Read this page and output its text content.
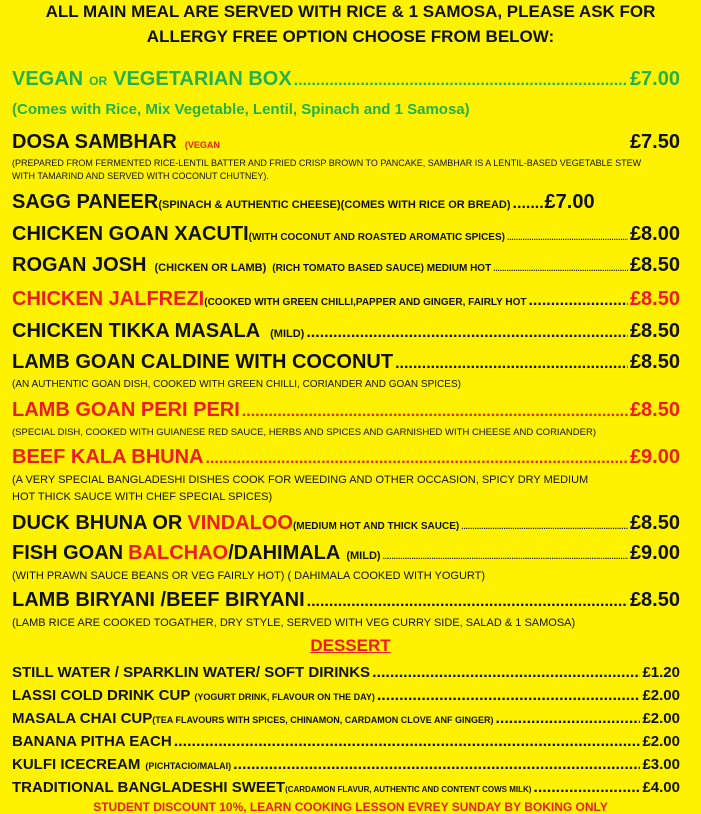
ALL MAIN MEAL ARE SERVED WITH RICE & 1 SAMOSA, PLEASE ASK FOR
ALLERGY FREE OPTION CHOOSE FROM BELOW:
VEGAN OR VEGETARIAN BOX .....	£7.00
(Comes with Rice, Mix Vegetable, Lentil, Spinach and 1 Samosa)
DOSA SAMBHAR (VEGAN	£7.50
(PREPARED FROM FERMENTED RICE-LENTIL BATTER AND FRIED CRISP BROWN TO PANCAKE, SAMBHAR IS A LENTIL-BASED VEGETABLE STEW
WITH TAMARIND AND SERVED WITH COCONUT CHUTNEY).
SAGG PANEER (SPINACH & AUTHENTIC CHEESE)(COMES WITH RICE OR BREAD) ..... £7.00
CHICKEN GOAN XACUTI (WITH COCONUT AND ROASTED AROMATIC SPICES) .....	£8.00
ROGAN JOSH (CHICKEN OR LAMB) (RICH TOMATO BASED SAUCE) MEDIUM HOT .....	£8.50
CHICKEN JALFREZI (COOKED WITH GREEN CHILLI,PAPPER AND GINGER, FAIRLY HOT .....	£8.50
CHICKEN TIKKA MASALA (MILD) .....	£8.50
LAMB GOAN CALDINE WITH COCONUT .....	£8.50
(AN AUTHENTIC GOAN DISH, COOKED WITH GREEN CHILLI, CORIANDER AND GOAN SPICES)
LAMB GOAN PERI PERI .....	£8.50
(SPECIAL DISH, COOKED WITH GUIANESE RED SAUCE, HERBS AND SPICES AND GARNISHED WITH CHEESE AND CORIANDER)
BEEF KALA BHUNA .....	£9.00
(A VERY SPECIAL BANGLADESHI DISHES COOK FOR WEEDING AND OTHER OCCASION, SPICY DRY MEDIUM
HOT THICK SAUCE WITH CHEF SPECIAL SPICES)
DUCK BHUNA OR VINDALOO (MEDIUM HOT AND THICK SAUCE) .....	£8.50
FISH GOAN BALCHAO /DAHIMALA (MILD) .....	£9.00
(WITH PRAWN SAUCE BEANS OR VEG FAIRLY HOT) ( DAHIMALA COOKED WITH YOGURT)
LAMB BIRYANI /BEEF BIRYANI .....	£8.50
(LAMB RICE ARE COOKED TOGATHER, DRY STYLE, SERVED WITH VEG CURRY SIDE, SALAD & 1 SAMOSA)
DESSERT
STILL WATER / SPARKLIN WATER/ SOFT DIRINKS .....	£1.20
LASSI COLD DRINK CUP (YOGURT DRINK, FLAVOUR ON THE DAY) .....	£2.00
MASALA CHAI CUP (TEA FLAVOURS WITH SPICES, CHINAMON, CARDAMON CLOVE ANF GINGER) .....	£2.00
BANANA PITHA EACH .....	£2.00
KULFI ICECREAM (PICHTACIO/MALAI) .....	£3.00
TRADITIONAL BANGLADESHI SWEET (CARDAMON FLAVUR, AUTHENTIC AND CONTENT COWS MILK) .....	£4.00
STUDENT DISCOUNT 10%, LEARN COOKING LESSON EVREY SUNDAY BY BOKING ONLY
